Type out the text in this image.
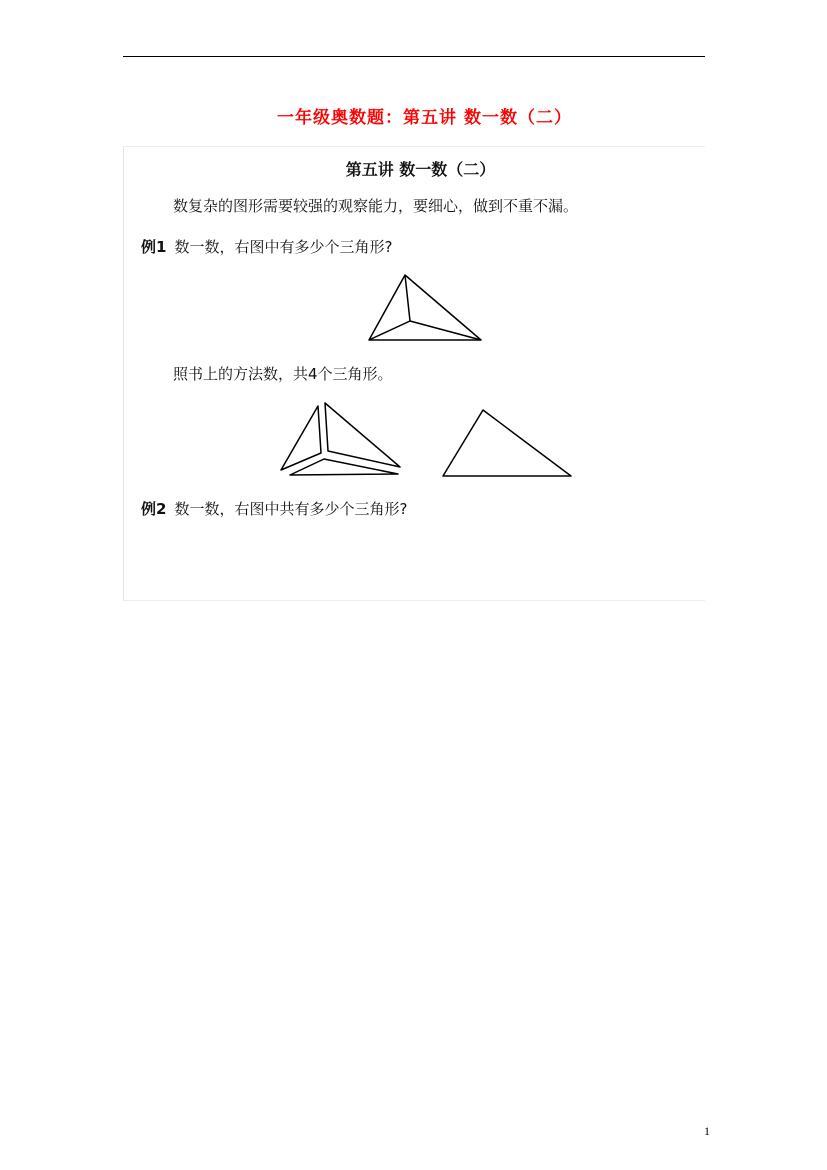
一年级奥数题：第五讲 数一数（二）
第五讲 数一数（二）
数复杂的图形需要较强的观察能力，要细心，做到不重不漏。
例1 数一数，右图中有多少个三角形?
照书上的方法数，共4个三角形。
例2 数一数，右图中共有多少个三角形?
1
